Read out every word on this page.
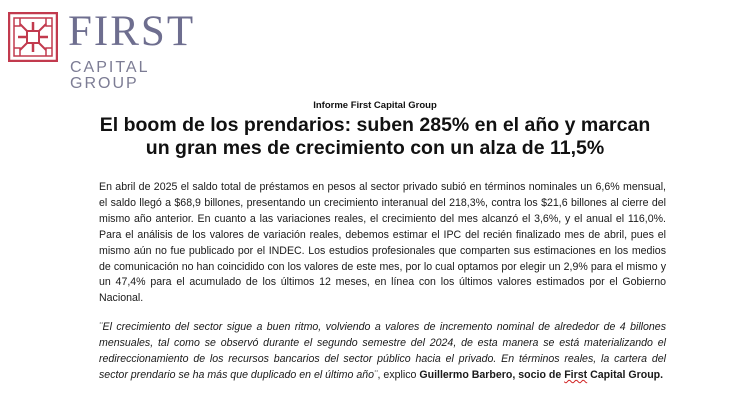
FIRST
CAPITAL GROUP
Informe First Capital Group
El boom de los prendarios: suben 285% en el año y marcan un gran mes de crecimiento con un alza de 11,5%

En abril de 2025 el saldo total de préstamos en pesos al sector privado subió en términos nominales un 6,6% mensual, el saldo llegó a $68,9 billones, presentando un crecimiento interanual del 218,3%, contra los $21,6 billones al cierre del mismo año anterior. En cuanto a las variaciones reales, el crecimiento del mes alcanzó el 3,6%, y el anual el 116,0%. Para el análisis de los valores de variación reales, debemos estimar el IPC del recién finalizado mes de abril, pues el mismo aún no fue publicado por el INDEC. Los estudios profesionales que comparten sus estimaciones en los medios de comunicación no han coincidido con los valores de este mes, por lo cual optamos por elegir un 2,9% para el mismo y un 47,4% para el acumulado de los últimos 12 meses, en línea con los últimos valores estimados por el Gobierno Nacional.

¨El crecimiento del sector sigue a buen ritmo, volviendo a valores de incremento nominal de alrededor de 4 billones mensuales, tal como se observó durante el segundo semestre del 2024, de esta manera se está materializando el redireccionamiento de los recursos bancarios del sector público hacia el privado. En términos reales, la cartera del sector prendario se ha más que duplicado en el último año¨, explico Guillermo Barbero, socio de First Capital Group.
